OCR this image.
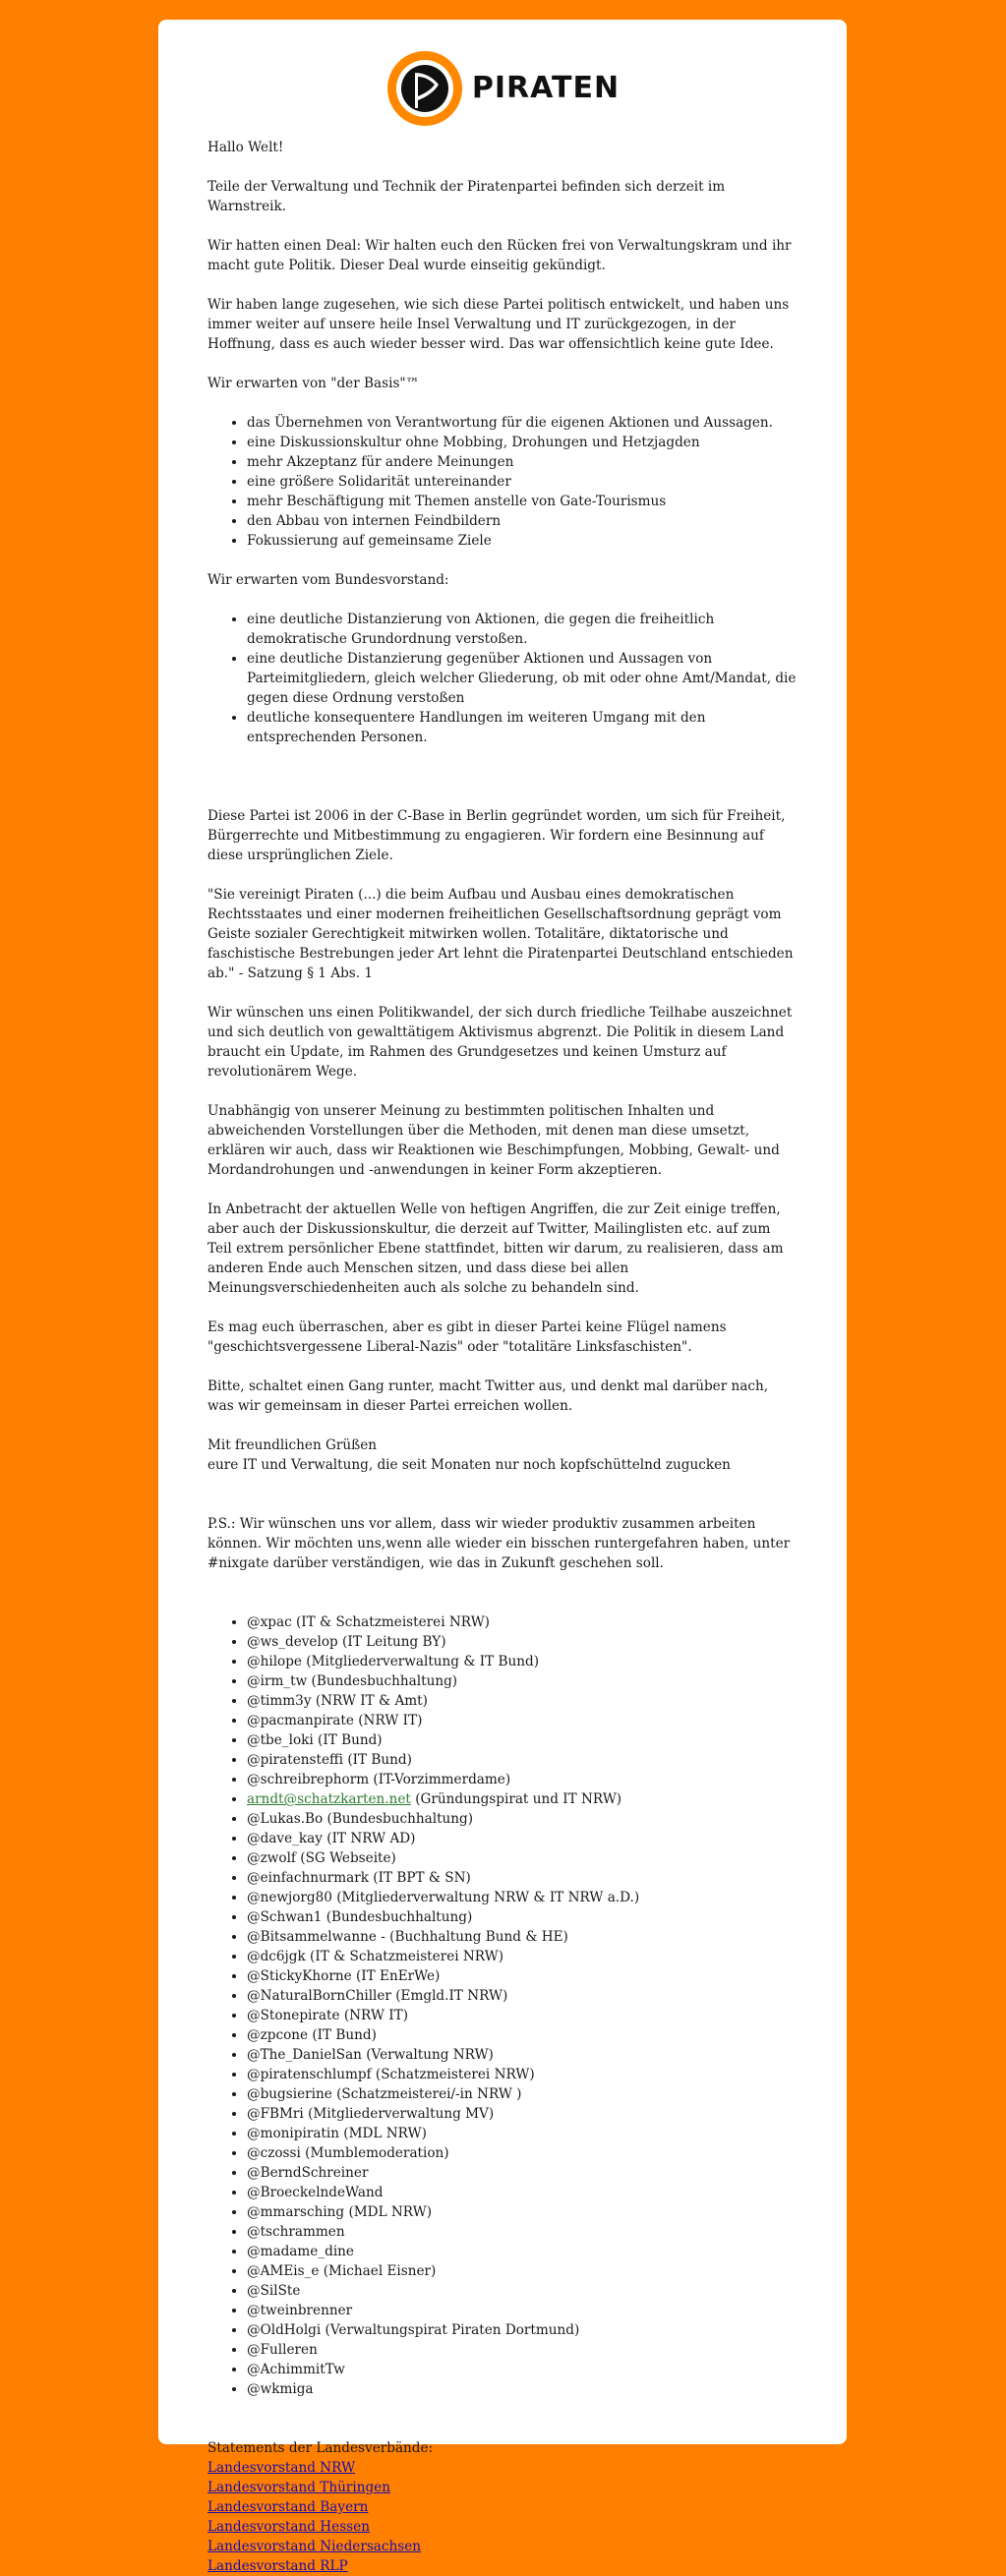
PIRATEN

Hallo Welt!

Teile der Verwaltung und Technik der Piratenpartei befinden sich derzeit im Warnstreik.

Wir hatten einen Deal: Wir halten euch den Rücken frei von Verwaltungskram und ihr macht gute Politik. Dieser Deal wurde einseitig gekündigt.

Wir haben lange zugesehen, wie sich diese Partei politisch entwickelt, und haben uns immer weiter auf unsere heile Insel Verwaltung und IT zurückgezogen, in der Hoffnung, dass es auch wieder besser wird. Das war offensichtlich keine gute Idee.

Wir erwarten von "der Basis"™

• das Übernehmen von Verantwortung für die eigenen Aktionen und Aussagen.
• eine Diskussionskultur ohne Mobbing, Drohungen und Hetzjagden
• mehr Akzeptanz für andere Meinungen
• eine größere Solidarität untereinander
• mehr Beschäftigung mit Themen anstelle von Gate-Tourismus
• den Abbau von internen Feindbildern
• Fokussierung auf gemeinsame Ziele

Wir erwarten vom Bundesvorstand:

• eine deutliche Distanzierung von Aktionen, die gegen die freiheitlich demokratische Grundordnung verstoßen.
• eine deutliche Distanzierung gegenüber Aktionen und Aussagen von Parteimitgliedern, gleich welcher Gliederung, ob mit oder ohne Amt/Mandat, die gegen diese Ordnung verstoßen
• deutliche konsequentere Handlungen im weiteren Umgang mit den entsprechenden Personen.

Diese Partei ist 2006 in der C-Base in Berlin gegründet worden, um sich für Freiheit, Bürgerrechte und Mitbestimmung zu engagieren. Wir fordern eine Besinnung auf diese ursprünglichen Ziele.

"Sie vereinigt Piraten (...) die beim Aufbau und Ausbau eines demokratischen Rechtsstaates und einer modernen freiheitlichen Gesellschaftsordnung geprägt vom Geiste sozialer Gerechtigkeit mitwirken wollen. Totalitäre, diktatorische und faschistische Bestrebungen jeder Art lehnt die Piratenpartei Deutschland entschieden ab." - Satzung § 1 Abs. 1

Wir wünschen uns einen Politikwandel, der sich durch friedliche Teilhabe auszeichnet und sich deutlich von gewalttätigem Aktivismus abgrenzt. Die Politik in diesem Land braucht ein Update, im Rahmen des Grundgesetzes und keinen Umsturz auf revolutionärem Wege.

Unabhängig von unserer Meinung zu bestimmten politischen Inhalten und abweichenden Vorstellungen über die Methoden, mit denen man diese umsetzt, erklären wir auch, dass wir Reaktionen wie Beschimpfungen, Mobbing, Gewalt- und Mordandrohungen und -anwendungen in keiner Form akzeptieren.

In Anbetracht der aktuellen Welle von heftigen Angriffen, die zur Zeit einige treffen, aber auch der Diskussionskultur, die derzeit auf Twitter, Mailinglisten etc. auf zum Teil extrem persönlicher Ebene stattfindet, bitten wir darum, zu realisieren, dass am anderen Ende auch Menschen sitzen, und dass diese bei allen Meinungsverschiedenheiten auch als solche zu behandeln sind.

Es mag euch überraschen, aber es gibt in dieser Partei keine Flügel namens "geschichtsvergessene Liberal-Nazis" oder "totalitäre Linksfaschisten".

Bitte, schaltet einen Gang runter, macht Twitter aus, und denkt mal darüber nach, was wir gemeinsam in dieser Partei erreichen wollen.

Mit freundlichen Grüßen
eure IT und Verwaltung, die seit Monaten nur noch kopfschüttelnd zugucken

P.S.: Wir wünschen uns vor allem, dass wir wieder produktiv zusammen arbeiten können. Wir möchten uns,wenn alle wieder ein bisschen runtergefahren haben, unter #nixgate darüber verständigen, wie das in Zukunft geschehen soll.

• @xpac (IT & Schatzmeisterei NRW)
• @ws_develop (IT Leitung BY)
• @hilope (Mitgliederverwaltung & IT Bund)
• @irm_tw (Bundesbuchhaltung)
• @timm3y (NRW IT & Amt)
• @pacmanpirate (NRW IT)
• @tbe_loki (IT Bund)
• @piratensteffi (IT Bund)
• @schreibrephorm (IT-Vorzimmerdame)
• arndt@schatzkarten.net (Gründungspirat und IT NRW)
• @Lukas.Bo (Bundesbuchhaltung)
• @dave_kay (IT NRW AD)
• @zwolf (SG Webseite)
• @einfachnurmark (IT BPT & SN)
• @newjorg80 (Mitgliederverwaltung NRW & IT NRW a.D.)
• @Schwan1 (Bundesbuchhaltung)
• @Bitsammelwanne - (Buchhaltung Bund & HE)
• @dc6jgk (IT & Schatzmeisterei NRW)
• @StickyKhorne (IT EnErWe)
• @NaturalBornChiller (Emgld.IT NRW)
• @Stonepirate (NRW IT)
• @zpcone (IT Bund)
• @The_DanielSan (Verwaltung NRW)
• @piratenschlumpf (Schatzmeisterei NRW)
• @bugsierine (Schatzmeisterei/-in NRW )
• @FBMri (Mitgliederverwaltung MV)
• @monipiratin (MDL NRW)
• @czossi (Mumblemoderation)
• @BerndSchreiner
• @BroeckelndeWand
• @mmarsching (MDL NRW)
• @tschrammen
• @madame_dine
• @AMEis_e (Michael Eisner)
• @SilSte
• @tweinbrenner
• @OldHolgi (Verwaltungspirat Piraten Dortmund)
• @Fulleren
• @AchimmitTw
• @wkmiga
Statements der Landesverbände:
Landesvorstand NRW
Landesvorstand Thüringen
Landesvorstand Bayern
Landesvorstand Hessen
Landesvorstand Niedersachsen
Landesvorstand RLP
